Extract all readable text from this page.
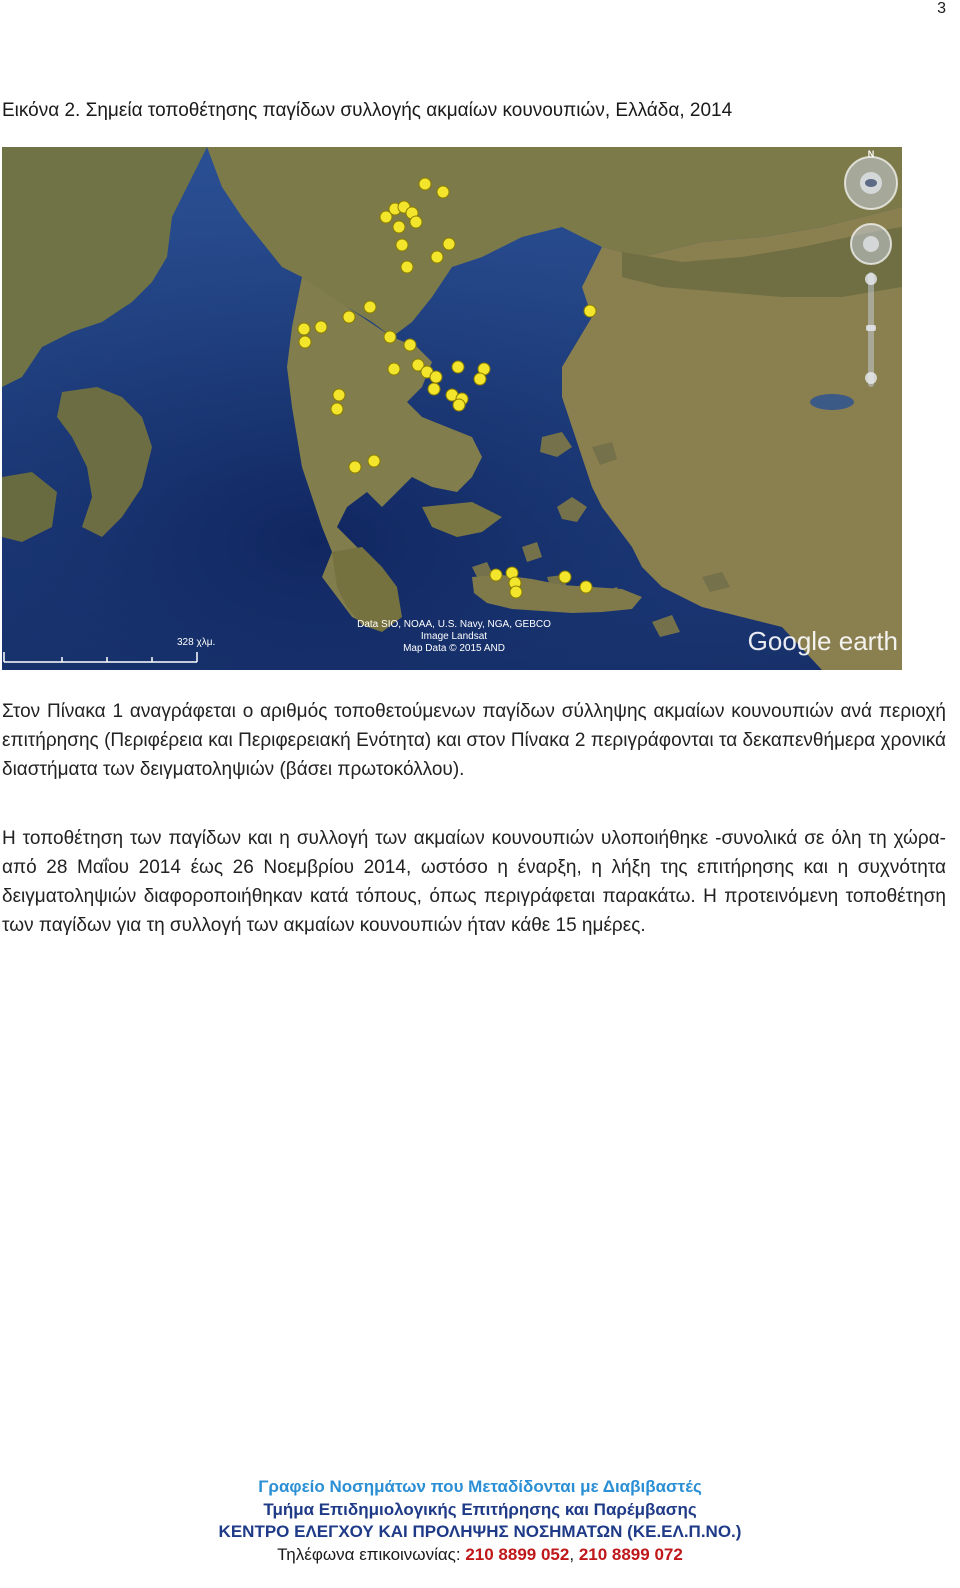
3
Εικόνα 2. Σημεία τοποθέτησης παγίδων συλλογής ακμαίων κουνουπιών, Ελλάδα, 2014
N
328 χλμ.
Data SIO, NOAA, U.S. Navy, NGA, GEBCO
Image Landsat
Map Data © 2015 AND	Google earth

Στον Πίνακα 1 αναγράφεται ο αριθμός τοποθετούμενων παγίδων σύλληψης ακμαίων κουνουπιών ανά περιοχή επιτήρησης (Περιφέρεια και Περιφερειακή Ενότητα) και στον Πίνακα 2 περιγράφονται τα δεκαπενθήμερα χρονικά διαστήματα των δειγματοληψιών (βάσει πρωτοκόλλου).

Η τοποθέτηση των παγίδων και η συλλογή των ακμαίων κουνουπιών υλοποιήθηκε -συνολικά σε όλη τη χώρα- από 28 Μαΐου 2014 έως 26 Νοεμβρίου 2014, ωστόσο η έναρξη, η λήξη της επιτήρησης και η συχνότητα δειγματοληψιών διαφοροποιήθηκαν κατά τόπους, όπως περιγράφεται παρακάτω. Η προτεινόμενη τοποθέτηση των παγίδων για τη συλλογή των ακμαίων κουνουπιών ήταν κάθε 15 ημέρες.

Γραφείο Νοσημάτων που Μεταδίδονται με Διαβιβαστές
Τμήμα Επιδημιολογικής Επιτήρησης και Παρέμβασης
ΚΕΝΤΡΟ ΕΛΕΓΧΟΥ ΚΑΙ ΠΡΟΛΗΨΗΣ ΝΟΣΗΜΑΤΩΝ (ΚΕ.ΕΛ.Π.ΝΟ.)
Τηλέφωνα επικοινωνίας: 210 8899 052, 210 8899 072
